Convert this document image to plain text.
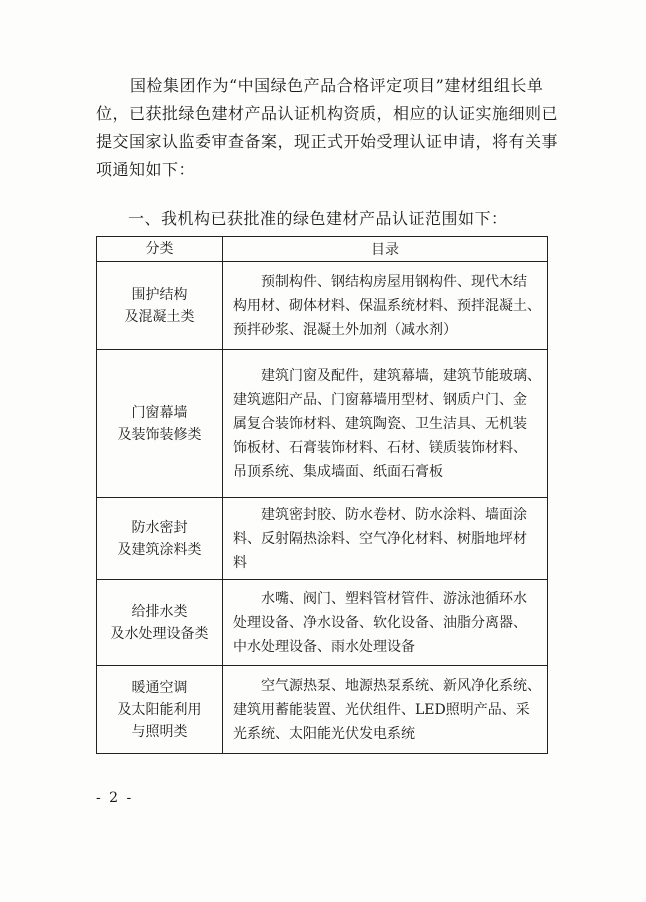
国检集团作为“中国绿色产品合格评定项目”建材组组长单
位，已获批绿色建材产品认证机构资质，相应的认证实施细则已
提交国家认监委审查备案，现正式开始受理认证申请，将有关事
项通知如下：
一、我机构已获批准的绿色建材产品认证范围如下：
分类	目录

围护结构
及混凝土类	预制构件、钢结构房屋用钢构件、现代木结
构用材、砌体材料、保温系统材料、预拌混凝土、
预拌砂浆、混凝土外加剂（减水剂）

门窗幕墙
及装饰装修类	建筑门窗及配件，建筑幕墙，建筑节能玻璃、
建筑遮阳产品、门窗幕墙用型材、钢质户门、金
属复合装饰材料、建筑陶瓷、卫生洁具、无机装
饰板材、石膏装饰材料、石材、镁质装饰材料、
吊顶系统、集成墙面、纸面石膏板

防水密封
及建筑涂料类	建筑密封胶、防水卷材、防水涂料、墙面涂
料、反射隔热涂料、空气净化材料、树脂地坪材
料

给排水类
及水处理设备类	水嘴、阀门、塑料管材管件、游泳池循环水
处理设备、净水设备、软化设备、油脂分离器、
中水处理设备、雨水处理设备

暖通空调
及太阳能利用
与照明类	空气源热泵、地源热泵系统、新风净化系统、
建筑用蓄能装置、光伏组件、LED照明产品、采
光系统、太阳能光伏发电系统
- 2 -
